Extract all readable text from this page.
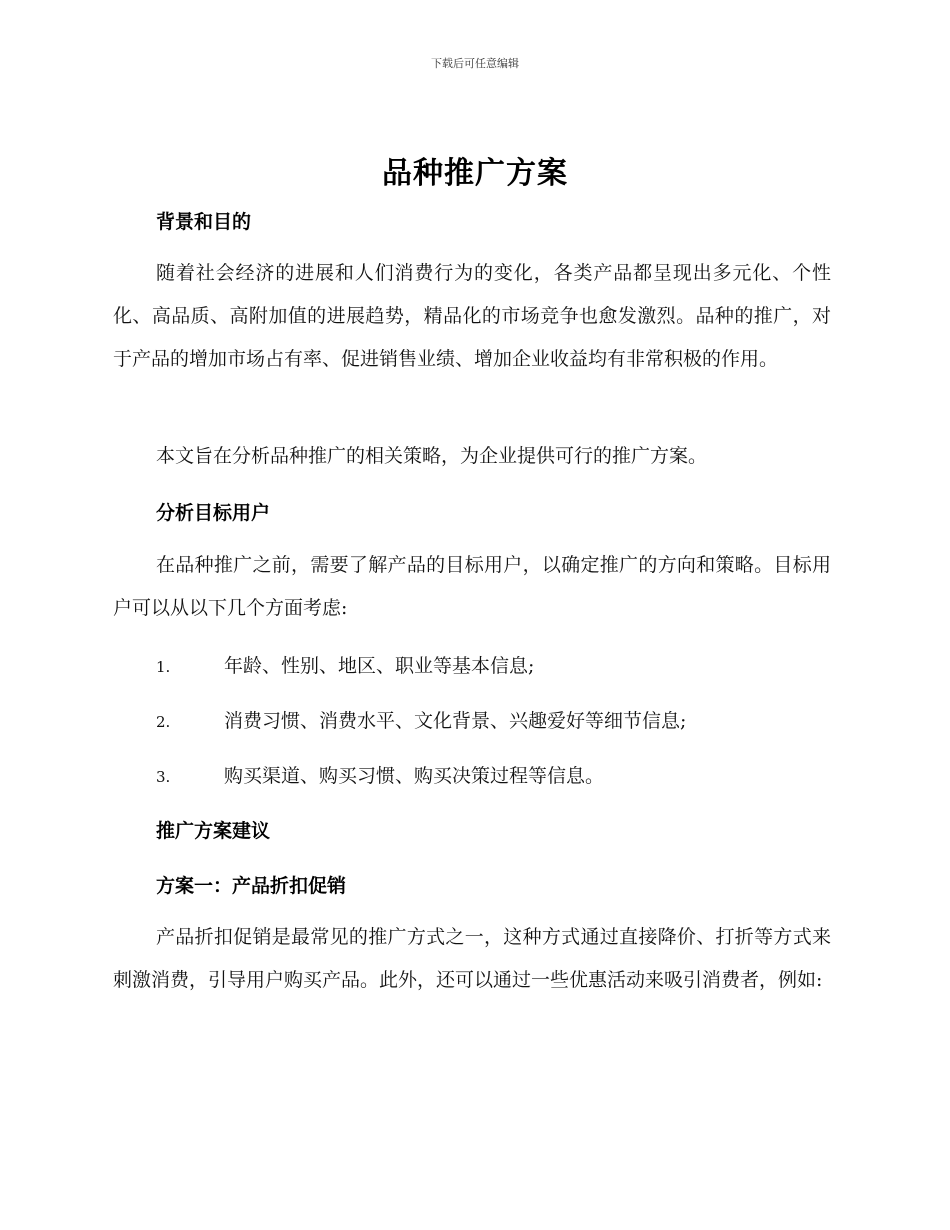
下载后可任意编辑
品种推广方案
背景和目的
随着社会经济的进展和人们消费行为的变化，各类产品都呈现出多元化、个性化、高品质、高附加值的进展趋势，精品化的市场竞争也愈发激烈。品种的推广，对于产品的增加市场占有率、促进销售业绩、增加企业收益均有非常积极的作用。
本文旨在分析品种推广的相关策略，为企业提供可行的推广方案。
分析目标用户
在品种推广之前，需要了解产品的目标用户，以确定推广的方向和策略。目标用户可以从以下几个方面考虑:
1.	年龄、性别、地区、职业等基本信息;
2.	消费习惯、消费水平、文化背景、兴趣爱好等细节信息;
3.	购买渠道、购买习惯、购买决策过程等信息。
推广方案建议
方案一：产品折扣促销
产品折扣促销是最常见的推广方式之一，这种方式通过直接降价、打折等方式来刺激消费，引导用户购买产品。此外，还可以通过一些优惠活动来吸引消费者，例如:
